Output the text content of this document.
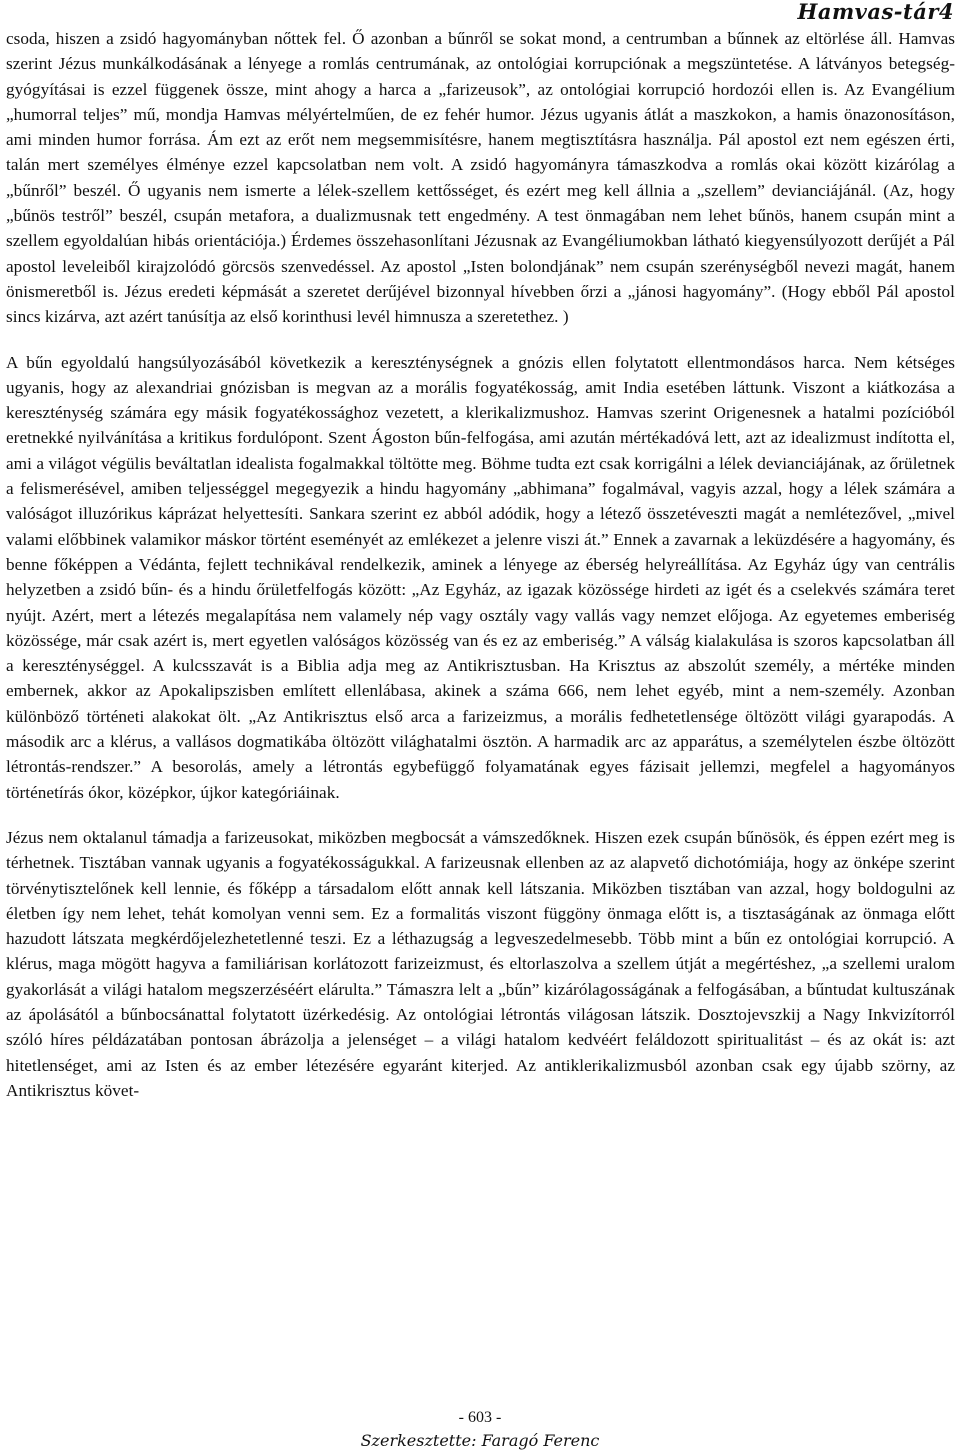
Hamvas-tár4

csoda, hiszen a zsidó hagyományban nőttek fel. Ő azonban a bűnről se sokat mond, a centrumban a bűnnek az eltörlése áll. Hamvas szerint Jézus munkálkodásának a lényege a romlás centrumának, az ontológiai korrupciónak a megszüntetése. A látványos betegség-gyógyításai is ezzel függenek össze, mint ahogy a harca a „farizeusok”, az ontológiai korrupció hordozói ellen is. Az Evangélium „humorral teljes” mű, mondja Hamvas mélyértelműen, de ez fehér humor. Jézus ugyanis átlát a maszkokon, a hamis önazonosításon, ami minden humor forrása. Ám ezt az erőt nem megsemmisítésre, hanem megtisztításra használja. Pál apostol ezt nem egészen érti, talán mert személyes élménye ezzel kapcsolatban nem volt. A zsidó hagyományra támaszkodva a romlás okai között kizárólag a „bűnről” beszél. Ő ugyanis nem ismerte a lélek-szellem kettősséget, és ezért meg kell állnia a „szellem” devianciájánál. (Az, hogy „bűnös testről” beszél, csupán metafora, a dualizmusnak tett engedmény. A test önmagában nem lehet bűnös, hanem csupán mint a szellem egyoldalúan hibás orientációja.) Érdemes összehasonlítani Jézusnak az Evangéliumokban látható kiegyensúlyozott derűjét a Pál apostol leveleiből kirajzolódó görcsös szenvedéssel. Az apostol „Isten bolondjának” nem csupán szerénységből nevezi magát, hanem önismeretből is. Jézus eredeti képmását a szeretet derűjével bizonnyal hívebben őrzi a „jánosi hagyomány”. (Hogy ebből Pál apostol sincs kizárva, azt azért tanúsítja az első korinthusi levél himnusza a szeretethez. )

A bűn egyoldalú hangsúlyozásából következik a kereszténységnek a gnózis ellen folytatott ellentmondásos harca. Nem kétséges ugyanis, hogy az alexandriai gnózisban is megvan az a morális fogyatékosság, amit India esetében láttunk. Viszont a kiátkozása a kereszténység számára egy másik fogyatékossághoz vezetett, a klerikalizmushoz. Hamvas szerint Origenesnek a hatalmi pozícióból eretnekké nyilvánítása a kritikus fordulópont. Szent Ágoston bűn-felfogása, ami azután mértékadóvá lett, azt az idealizmust indította el, ami a világot végülis beváltatlan idealista fogalmakkal töltötte meg. Böhme tudta ezt csak korrigálni a lélek devianciájának, az őrületnek a felismerésével, amiben teljességgel megegyezik a hindu hagyomány „abhimana” fogalmával, vagyis azzal, hogy a lélek számára a valóságot illuzórikus káprázat helyettesíti. Sankara szerint ez abból adódik, hogy a létező összetéveszti magát a nemlétezővel, „mivel valami előbbinek valamikor máskor történt eseményét az emlékezet a jelenre viszi át.” Ennek a zavarnak a leküzdésére a hagyomány, és benne főképpen a Védánta, fejlett technikával rendelkezik, aminek a lényege az éberség helyreállítása. Az Egyház úgy van centrális helyzetben a zsidó bűn- és a hindu őrületfelfogás között: „Az Egyház, az igazak közössége hirdeti az igét és a cselekvés számára teret nyújt. Azért, mert a létezés megalapítása nem valamely nép vagy osztály vagy vallás vagy nemzet előjoga. Az egyetemes emberiség közössége, már csak azért is, mert egyetlen valóságos közösség van és ez az emberiség.” A válság kialakulása is szoros kapcsolatban áll a kereszténységgel. A kulcsszavát is a Biblia adja meg az Antikrisztusban. Ha Krisztus az abszolút személy, a mértéke minden embernek, akkor az Apokalipszisben említett ellenlábasa, akinek a száma 666, nem lehet egyéb, mint a nem-személy. Azonban különböző történeti alakokat ölt. „Az Antikrisztus első arca a farizeizmus, a morális fedhetetlensége öltözött világi gyarapodás. A második arc a klérus, a vallásos dogmatikába öltözött világhatalmi ösztön. A harmadik arc az apparátus, a személytelen észbe öltözött létrontás-rendszer.” A besorolás, amely a létrontás egybefüggő folyamatának egyes fázisait jellemzi, megfelel a hagyományos történetírás ókor, középkor, újkor kategóriáinak.

Jézus nem oktalanul támadja a farizeusokat, miközben megbocsát a vámszedőknek. Hiszen ezek csupán bűnösök, és éppen ezért meg is térhetnek. Tisztában vannak ugyanis a fogyatékosságukkal. A farizeusnak ellenben az az alapvető dichotómiája, hogy az önképe szerint törvénytisztelőnek kell lennie, és főképp a társadalom előtt annak kell látszania. Miközben tisztában van azzal, hogy boldogulni az életben így nem lehet, tehát komolyan venni sem. Ez a formalitás viszont függöny önmaga előtt is, a tisztaságának az önmaga előtt hazudott látszata megkérdőjelezhetetlenné teszi. Ez a léthazugság a legveszedelmesebb. Több mint a bűn ez ontológiai korrupció. A klérus, maga mögött hagyva a familiárisan korlátozott farizeizmust, és eltorlaszolva a szellem útját a megértéshez, „a szellemi uralom gyakorlását a világi hatalom megszerzéséért elárulta.” Támaszra lelt a „bűn” kizárólagosságának a felfogásában, a bűntudat kultuszának az ápolásától a bűnbocsánattal folytatott üzérkedésig. Az ontológiai létrontás világosan látszik. Dosztojevszkij a Nagy Inkvizítorról szóló híres példázatában pontosan ábrázolja a jelenséget – a világi hatalom kedvéért feláldozott spiritualitást – és az okát is: azt hitetlenséget, ami az Isten és az ember létezésére egyaránt kiterjed. Az antiklerikalizmusból azonban csak egy újabb szörny, az Antikrisztus követ-

- 603 -
Szerkesztette: Faragó Ferenc
